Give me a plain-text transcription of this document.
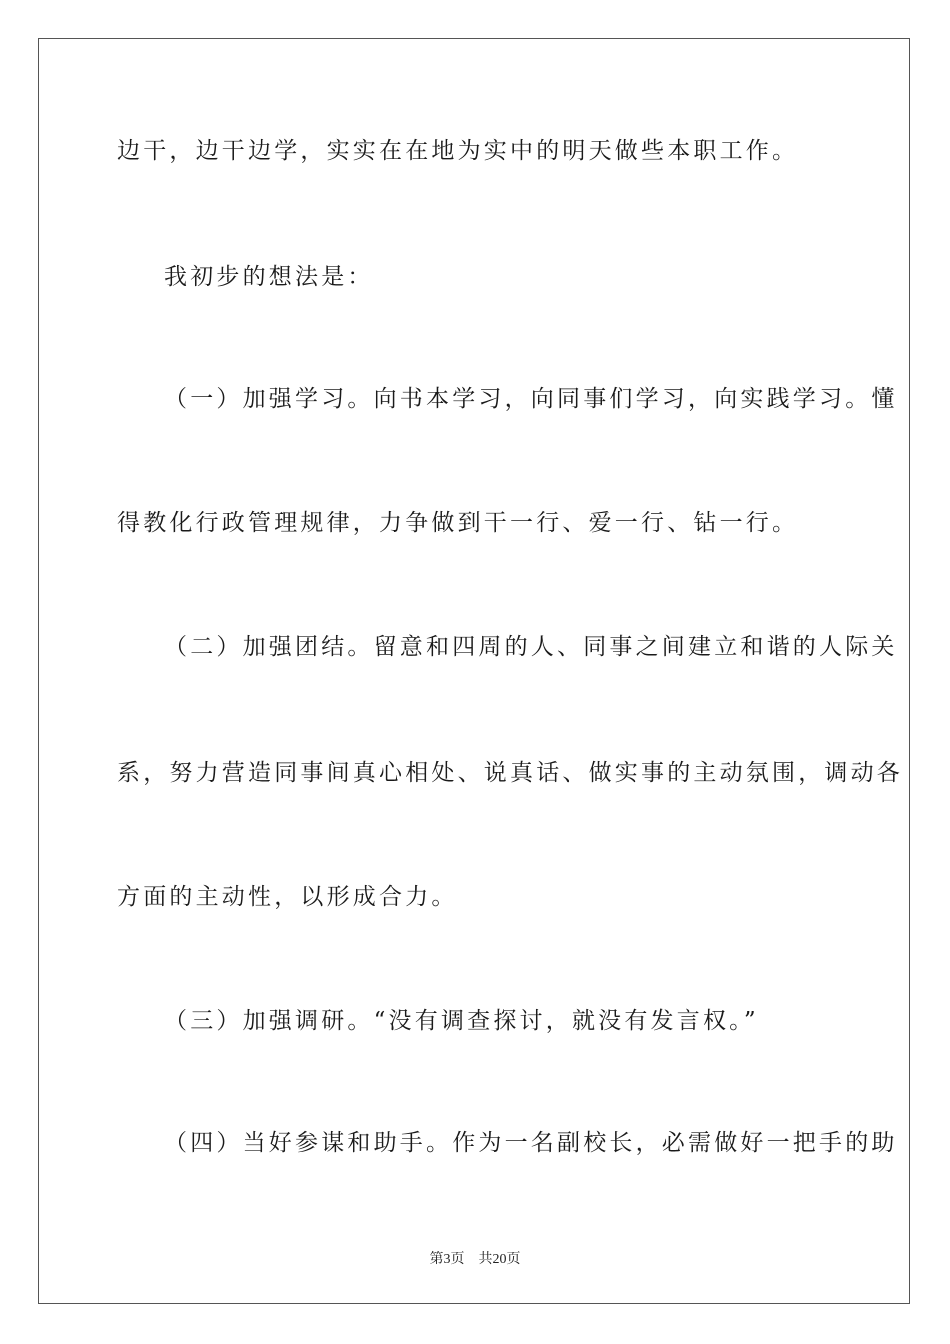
边干，边干边学，实实在在地为实中的明天做些本职工作。
我初步的想法是：
（一）加强学习。向书本学习，向同事们学习，向实践学习。懂
得教化行政管理规律，力争做到干一行、爱一行、钻一行。
（二）加强团结。留意和四周的人、同事之间建立和谐的人际关
系，努力营造同事间真心相处、说真话、做实事的主动氛围，调动各
方面的主动性，以形成合力。
（三）加强调研。“没有调查探讨，就没有发言权。”
（四）当好参谋和助手。作为一名副校长，必需做好一把手的助
第3页 共20页
